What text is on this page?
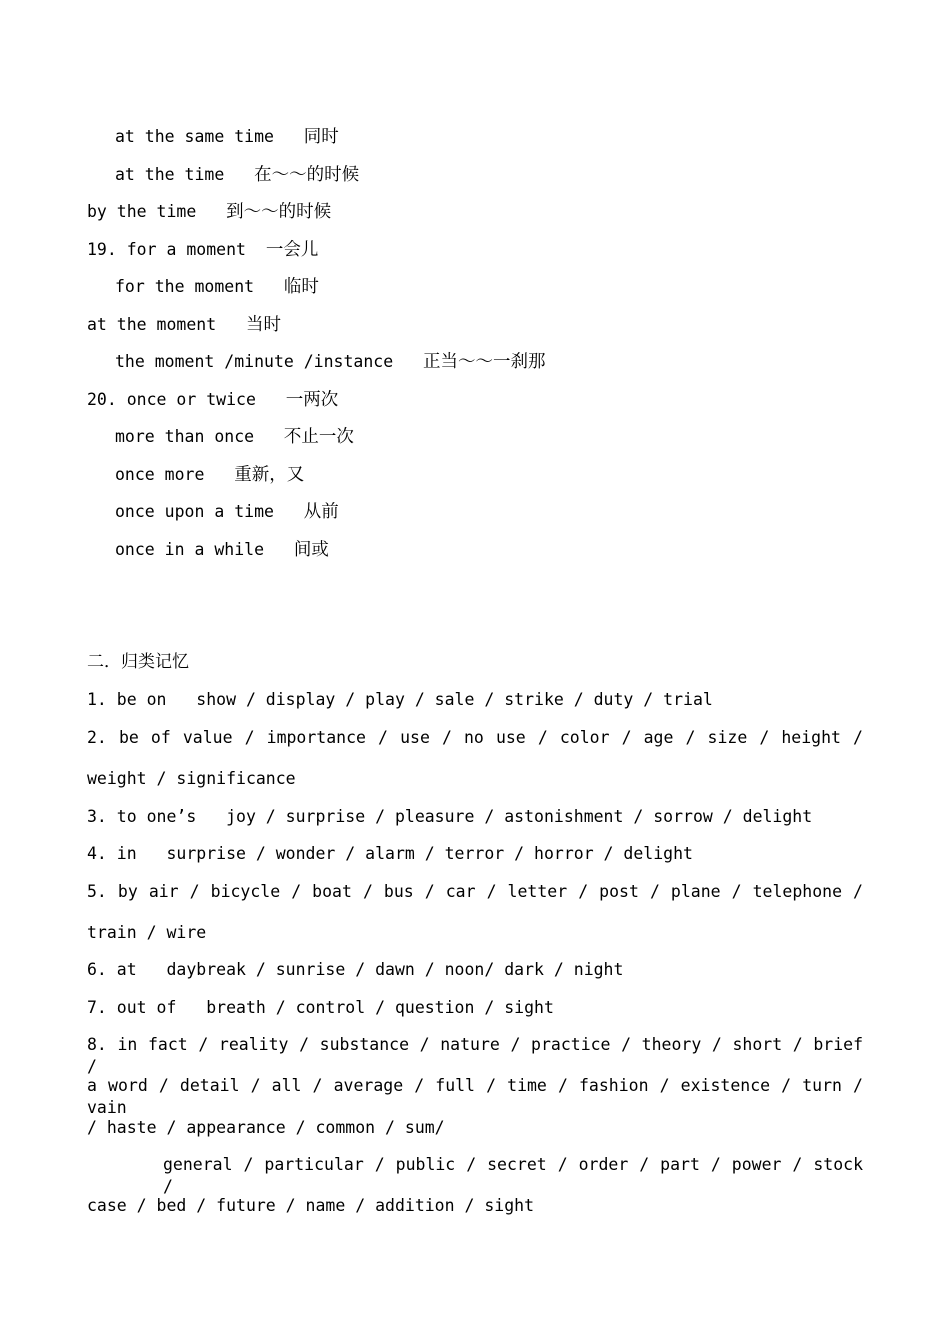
at the same time 同时
at the time 在～～的时候
by the time 到～～的时候
19. for a moment 一会儿
for the moment 临时
at the moment 当时
the moment /minute /instance 正当～～一刹那
20. once or twice 一两次
more than once 不止一次
once more 重新，又
once upon a time 从前
once in a while 间或
二．归类记忆
1. be on   show / display / play / sale / strike / duty / trial
2. be of value / importance / use / no use / color / age / size / height /
weight / significance
3. to one’s   joy / surprise / pleasure / astonishment / sorrow / delight
4. in   surprise / wonder / alarm / terror / horror / delight
5. by air / bicycle / boat / bus / car / letter / post / plane / telephone /
train / wire
6. at   daybreak / sunrise / dawn / noon/ dark / night
7. out of   breath / control / question / sight
8. in fact / reality / substance / nature / practice / theory / short / brief /
a word / detail / all / average / full / time / fashion / existence / turn / vain
/ haste / appearance / common / sum/
general / particular / public / secret / order / part / power / stock /
case / bed / future / name / addition / sight
